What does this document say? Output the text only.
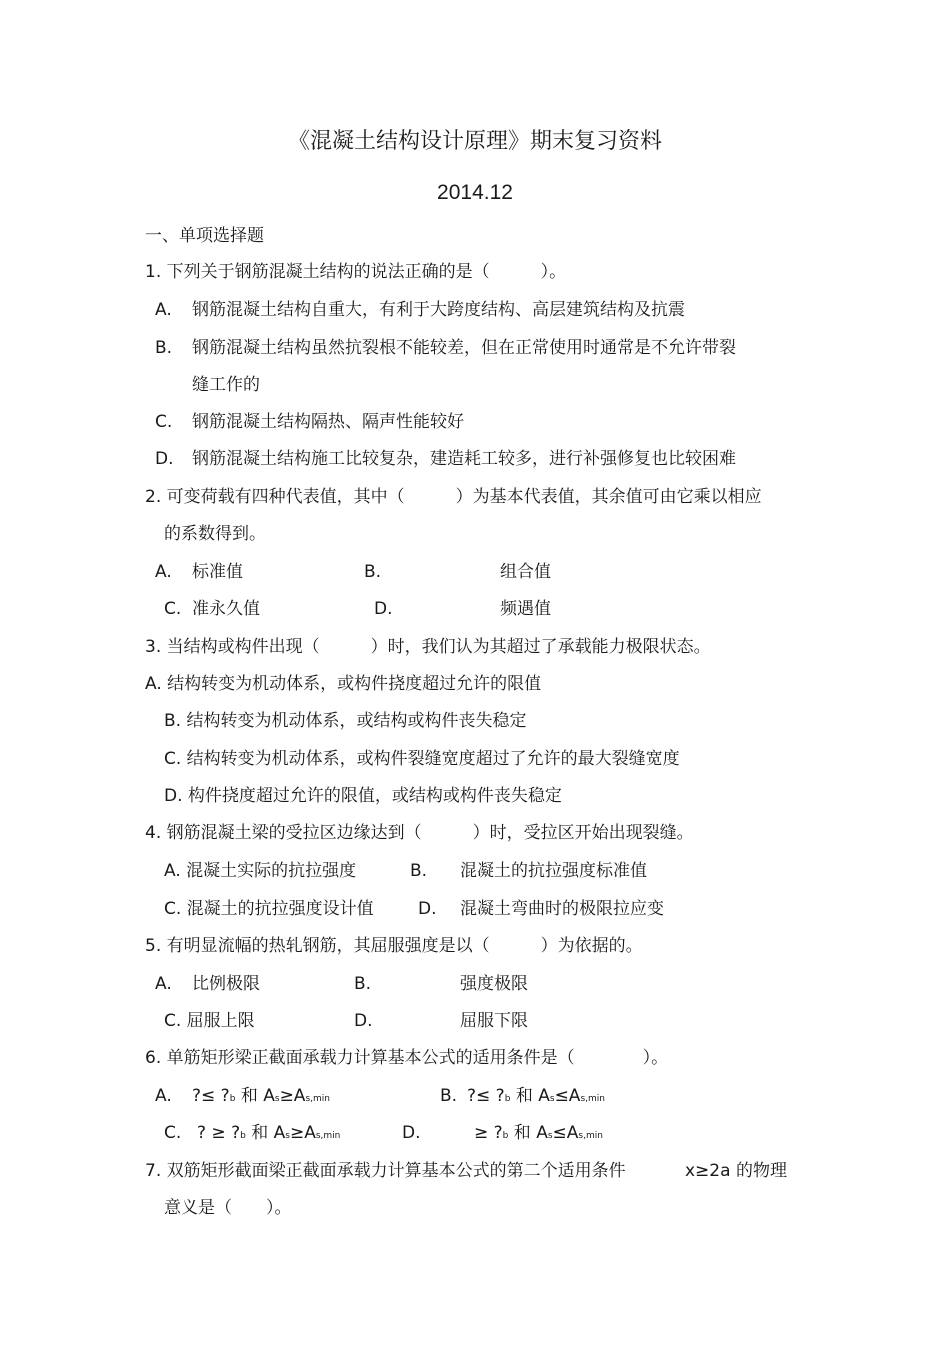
《混凝土结构设计原理》期末复习资料
2014.12
一、单项选择题
1. 下列关于钢筋混凝土结构的说法正确的是（　　　）。
A. 钢筋混凝土结构自重大，有利于大跨度结构、高层建筑结构及抗震
B. 钢筋混凝土结构虽然抗裂根不能较差，但在正常使用时通常是不允许带裂
缝工作的
C. 钢筋混凝土结构隔热、隔声性能较好
D. 钢筋混凝土结构施工比较复杂，建造耗工较多，进行补强修复也比较困难
2. 可变荷载有四种代表值，其中（　　　）为基本代表值，其余值可由它乘以相应
的系数得到。
A. 标准值	B.	组合值
C. 准永久值	D.	频遇值
3. 当结构或构件出现（　　　）时，我们认为其超过了承载能力极限状态。
A. 结构转变为机动体系，或构件挠度超过允许的限值
B. 结构转变为机动体系，或结构或构件丧失稳定
C. 结构转变为机动体系，或构件裂缝宽度超过了允许的最大裂缝宽度
D. 构件挠度超过允许的限值，或结构或构件丧失稳定
4. 钢筋混凝土梁的受拉区边缘达到（　　　）时，受拉区开始出现裂缝。
A. 混凝土实际的抗拉强度	B. 混凝土的抗拉强度标准值
C. 混凝土的抗拉强度设计值	D. 混凝土弯曲时的极限拉应变
5. 有明显流幅的热轧钢筋，其屈服强度是以（　　　）为依据的。
A. 比例极限	B.	强度极限
C. 屈服上限	D.	屈服下限
6. 单筋矩形梁正截面承载力计算基本公式的适用条件是（　　　　）。
A. ?≤ ?b 和 As≥As,min	B. ?≤ ?b 和 As≤As,min
C. ? ≥ ?b 和 As≥As,min	D.	≥ ?b 和 As≤As,min
7. 双筋矩形截面梁正截面承载力计算基本公式的第二个适用条件	x≥2a 的物理
意义是（　　）。
